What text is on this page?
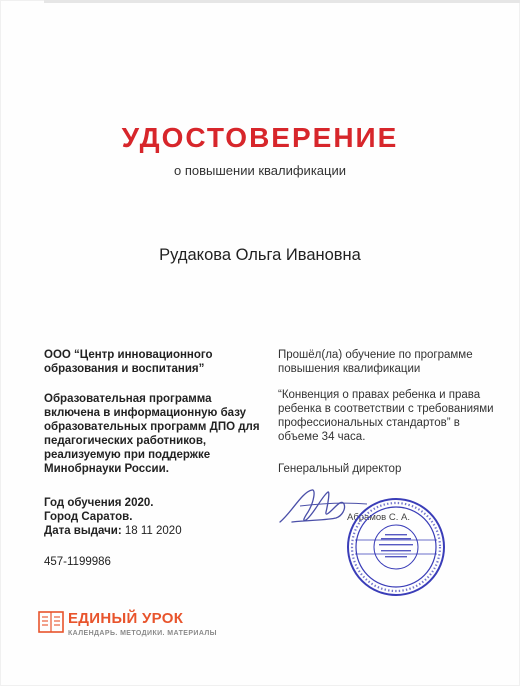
УДОСТОВЕРЕНИЕ
о повышении квалификации
Рудакова Ольга Ивановна
ООО “Центр инновационного образования и воспитания”
Образовательная программа включена в информационную базу образовательных программ ДПО для педагогических работников, реализуемую при поддержке Минобрнауки России.
Год обучения 2020.
Город Саратов.
Дата выдачи: 18 11 2020
457-1199986
Прошёл(ла) обучение по программе повышения квалификации
“Конвенция о правах ребенка и права ребенка в соответствии с требованиями профессиональных стандартов” в объеме 34 часа.
Генеральный директор
Абрамов С. А.
ЕДИНЫЙ УРОК
КАЛЕНДАРЬ. МЕТОДИКИ. МАТЕРИАЛЫ
